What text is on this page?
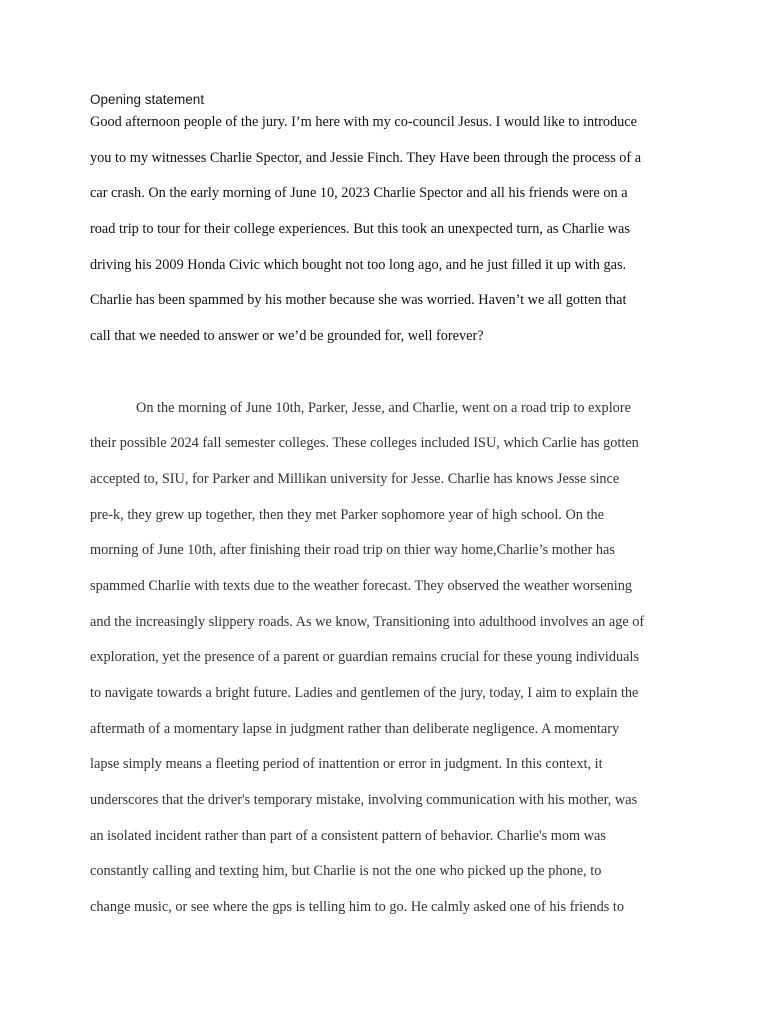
Opening statement

Good afternoon people of the jury. I’m here with my co-council Jesus. I would like to introduce

you to my witnesses Charlie Spector, and Jessie Finch. They Have been through the process of a

car crash. On the early morning of June 10, 2023 Charlie Spector and all his friends were on a

road trip to tour for their college experiences. But this took an unexpected turn, as Charlie was

driving his 2009 Honda Civic which bought not too long ago, and he just filled it up with gas.

Charlie has been spammed by his mother because she was worried. Haven’t we all gotten that

call that we needed to answer or we’d be grounded for, well forever?

On the morning of June 10th, Parker, Jesse, and Charlie, went on a road trip to explore

their possible 2024 fall semester colleges. These colleges included ISU, which Carlie has gotten

accepted to, SIU, for Parker and Millikan university for Jesse. Charlie has knows Jesse since

pre-k, they grew up together, then they met Parker sophomore year of high school. On the

morning of June 10th, after finishing their road trip on thier way home,Charlie’s mother has

spammed Charlie with texts due to the weather forecast. They observed the weather worsening

and the increasingly slippery roads. As we know, Transitioning into adulthood involves an age of

exploration, yet the presence of a parent or guardian remains crucial for these young individuals

to navigate towards a bright future. Ladies and gentlemen of the jury, today, I aim to explain the

aftermath of a momentary lapse in judgment rather than deliberate negligence. A momentary

lapse simply means a fleeting period of inattention or error in judgment. In this context, it

underscores that the driver's temporary mistake, involving communication with his mother, was

an isolated incident rather than part of a consistent pattern of behavior. Charlie's mom was

constantly calling and texting him, but Charlie is not the one who picked up the phone, to

change music, or see where the gps is telling him to go. He calmly asked one of his friends to
